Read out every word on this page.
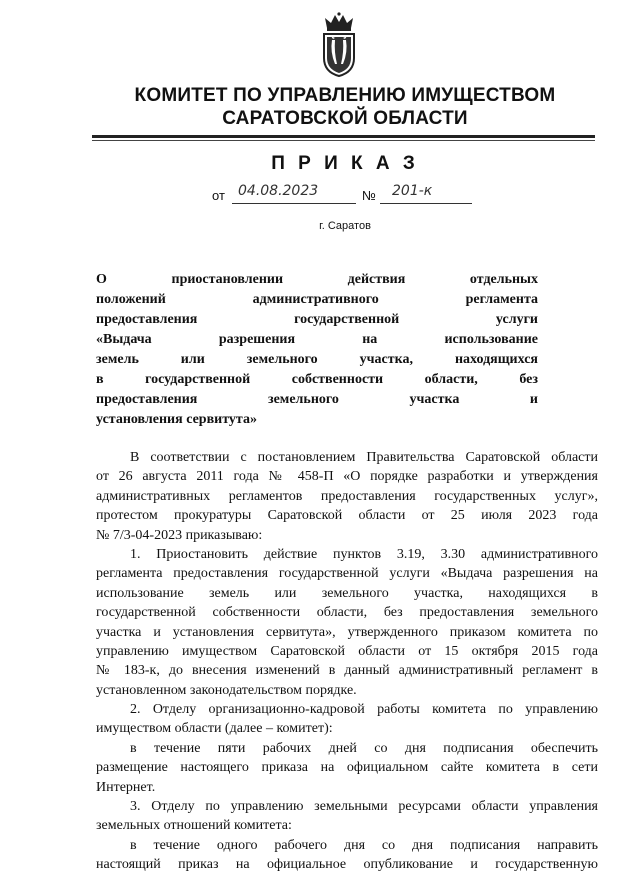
КОМИТЕТ ПО УПРАВЛЕНИЮ ИМУЩЕСТВОМ
САРАТОВСКОЙ ОБЛАСТИ
П Р И К А З
от 04.08.2023	№ 201-к
г. Саратов
О приостановлении действия отдельных
положений административного регламента
предоставления государственной услуги
«Выдача разрешения на использование
земель или земельного участка, находящихся
в государственной собственности области, без
предоставления земельного участка и
установления сервитута»
В соответствии с постановлением Правительства Саратовской области
от 26 августа 2011 года № 458-П «О порядке разработки и утверждения
административных регламентов предоставления государственных услуг»,
протестом прокуратуры Саратовской области от 25 июля 2023 года
№ 7/3-04-2023 приказываю:
1. Приостановить действие пунктов 3.19, 3.30 административного
регламента предоставления государственной услуги «Выдача разрешения на
использование земель или земельного участка, находящихся в
государственной собственности области, без предоставления земельного
участка и установления сервитута», утвержденного приказом комитета по
управлению имуществом Саратовской области от 15 октября 2015 года
№ 183-к, до внесения изменений в данный административный регламент в
установленном законодательством порядке.
2. Отделу организационно-кадровой работы комитета по управлению
имуществом области (далее – комитет):
в течение пяти рабочих дней со дня подписания обеспечить
размещение настоящего приказа на официальном сайте комитета в сети
Интернет.
3. Отделу по управлению земельными ресурсами области управления
земельных отношений комитета:
в течение одного рабочего дня со дня подписания направить
настоящий приказ на официальное опубликование и государственную
